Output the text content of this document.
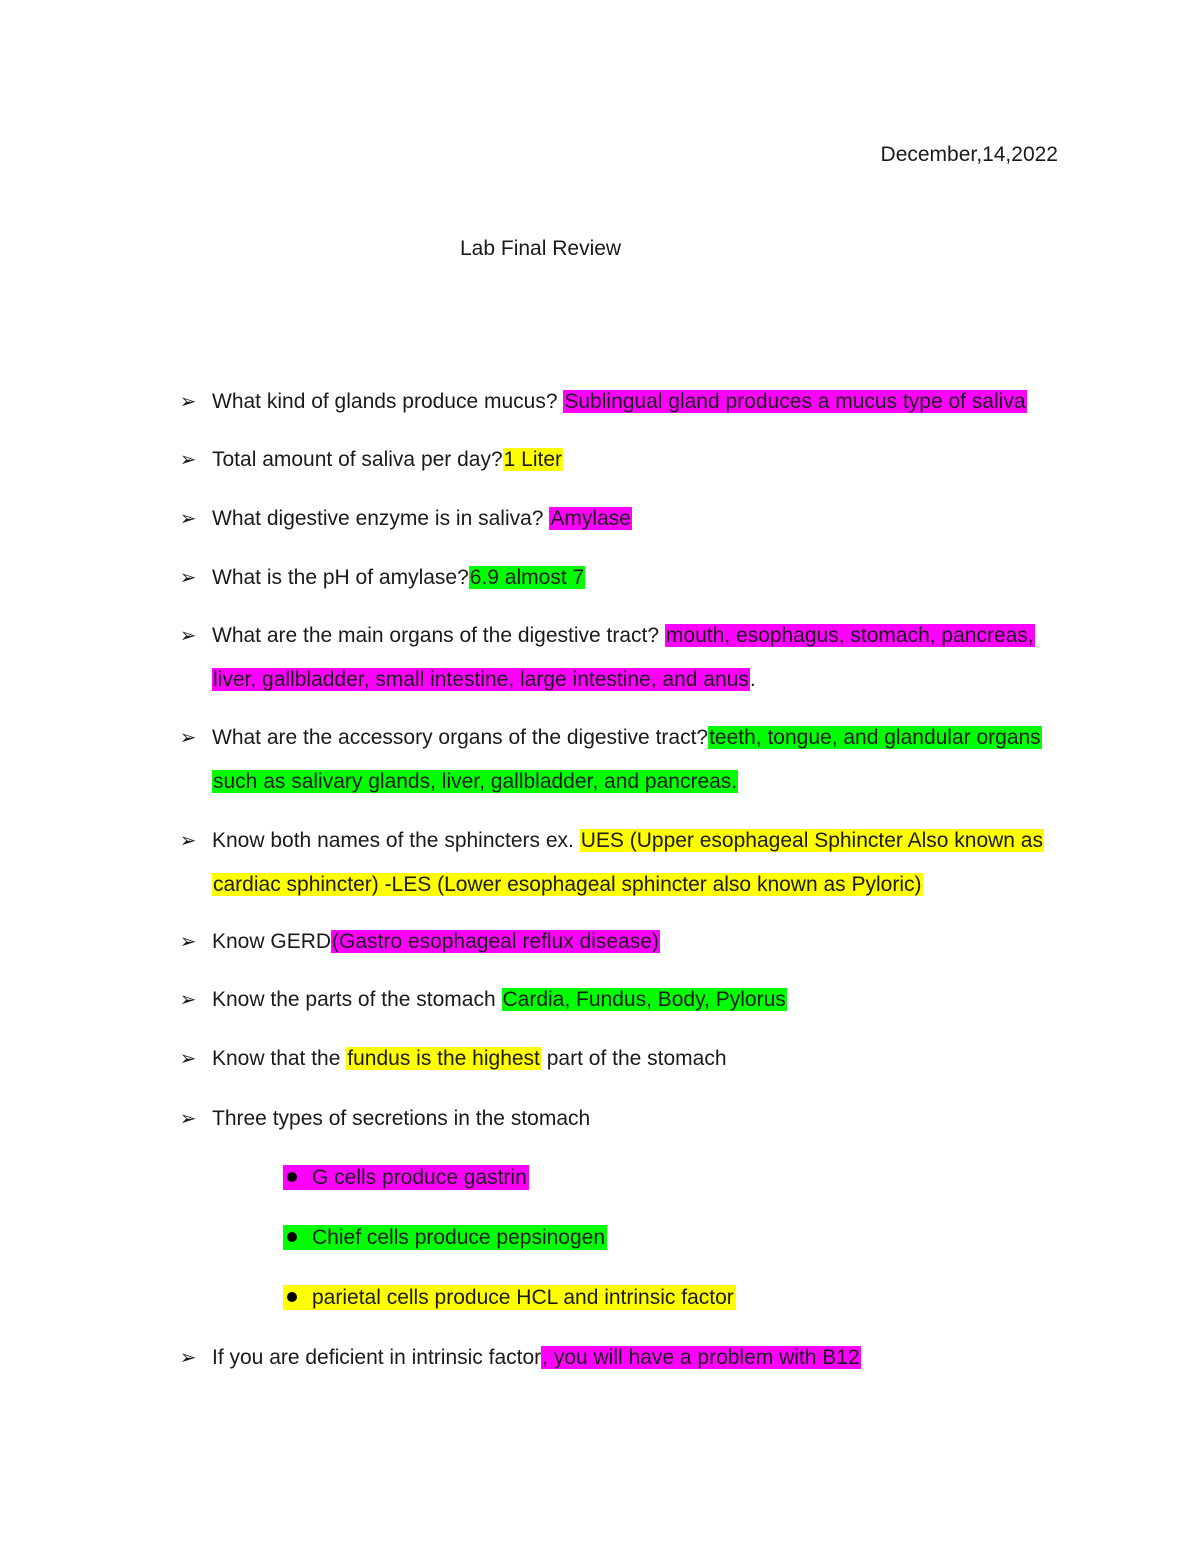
December,14,2022
Lab Final Review
➢ What kind of glands produce mucus? Sublingual gland produces a mucus type of saliva
➢ Total amount of saliva per day?1 Liter
➢ What digestive enzyme is in saliva? Amylase
➢ What is the pH of amylase?6.9 almost 7
➢ What are the main organs of the digestive tract? mouth, esophagus, stomach, pancreas,
liver, gallbladder, small intestine, large intestine, and anus.
➢ What are the accessory organs of the digestive tract?teeth, tongue, and glandular organs
such as salivary glands, liver, gallbladder, and pancreas.
➢ Know both names of the sphincters ex. UES (Upper esophageal Sphincter Also known as
cardiac sphincter) -LES (Lower esophageal sphincter also known as Pyloric)
➢ Know GERD(Gastro esophageal reflux disease)
➢ Know the parts of the stomach Cardia, Fundus, Body, Pylorus
➢ Know that the fundus is the highest part of the stomach
➢ Three types of secretions in the stomach
G cells produce gastrin
Chief cells produce pepsinogen
parietal cells produce HCL and intrinsic factor
➢ If you are deficient in intrinsic factor, you will have a problem with B12
